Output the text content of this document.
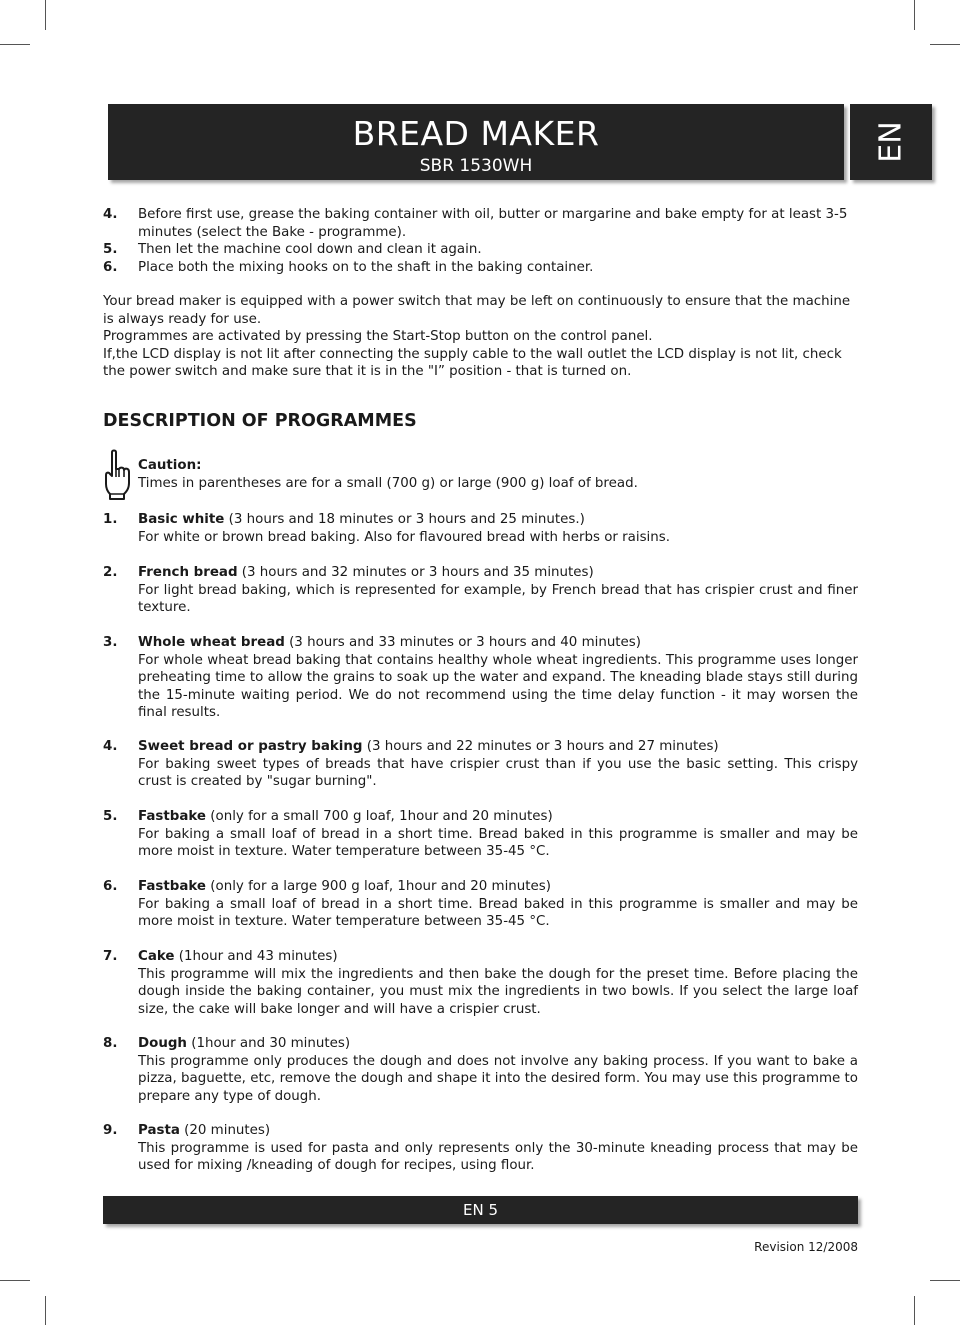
BREAD MAKER
SBR 1530WH
EN
4. Before first use, grease the baking container with oil, butter or margarine and bake empty for at least 3-5 minutes (select the Bake - programme).
5. Then let the machine cool down and clean it again.
6. Place both the mixing hooks on to the shaft in the baking container.

Your bread maker is equipped with a power switch that may be left on continuously to ensure that the machine is always ready for use.

Programmes are activated by pressing the Start-Stop button on the control panel.

If,the LCD display is not lit after connecting the supply cable to the wall outlet the LCD display is not lit, check the power switch and make sure that it is in the "I” position - that is turned on.

DESCRIPTION OF PROGRAMMES
Caution:
Times in parentheses are for a small (700 g) or large (900 g) loaf of bread.
1. Basic white (3 hours and 18 minutes or 3 hours and 25 minutes.)
For white or brown bread baking. Also for flavoured bread with herbs or raisins.
2. French bread (3 hours and 32 minutes or 3 hours and 35 minutes)
For light bread baking, which is represented for example, by French bread that has crispier crust and finer texture.
3. Whole wheat bread (3 hours and 33 minutes or 3 hours and 40 minutes)
For whole wheat bread baking that contains healthy whole wheat ingredients. This programme uses longer preheating time to allow the grains to soak up the water and expand. The kneading blade stays still during the 15-minute waiting period. We do not recommend using the time delay function - it may worsen the final results.
4. Sweet bread or pastry baking (3 hours and 22 minutes or 3 hours and 27 minutes)
For baking sweet types of breads that have crispier crust than if you use the basic setting. This crispy crust is created by "sugar burning".
5. Fastbake (only for a small 700 g loaf, 1hour and 20 minutes)
For baking a small loaf of bread in a short time. Bread baked in this programme is smaller and may be more moist in texture. Water temperature between 35-45 °C.
6. Fastbake (only for a large 900 g loaf, 1hour and 20 minutes)
For baking a small loaf of bread in a short time. Bread baked in this programme is smaller and may be more moist in texture. Water temperature between 35-45 °C.
7. Cake (1hour and 43 minutes)
This programme will mix the ingredients and then bake the dough for the preset time. Before placing the dough inside the baking container, you must mix the ingredients in two bowls. If you select the large loaf size, the cake will bake longer and will have a crispier crust.
8. Dough (1hour and 30 minutes)
This programme only produces the dough and does not involve any baking process. If you want to bake a pizza, baguette, etc, remove the dough and shape it into the desired form. You may use this programme to prepare any type of dough.
9. Pasta (20 minutes)
This programme is used for pasta and only represents only the 30-minute kneading process that may be used for mixing /kneading of dough for recipes, using flour.
EN 5
Revision 12/2008
